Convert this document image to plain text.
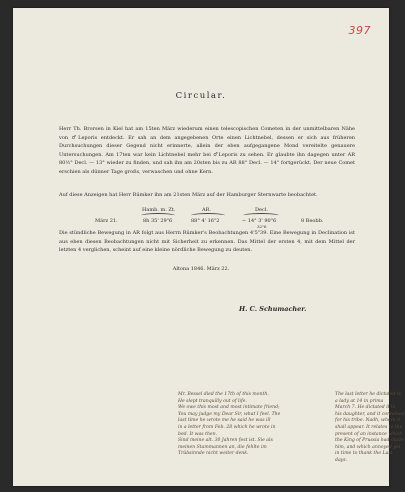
397
Circular.
Herr Th. Brorsen in Kiel hat am 15ten März wiederum einen telescopischen Cometen in der unmittelbaren Nähe von ♂Leporis entdeckt. Er sah an dem angegebenen Orte einen Lichtnebel, dessen er sich aus früheren Durchsuchungen dieser Gegend nicht erinnerte, allein der eben aufgegangene Mond vereitelte genauere Untersuchungen. Am 17ten war kein Lichtnebel mehr bei ♂Leporis zu sehen. Er glaubte ihn dagegen unter AR 80½° Decl. — 13° wieder zu finden, und sah ihn am 20sten bis zu AR 88° Decl. — 14° fortgerückt. Der neue Comet erschien als dünner Tage großs, verwaschen und ohne Kern.
Auf diese Anzeigen hat Herr Rümker ihn am 21sten März auf der Hamburger Sternwarte beobachtet.
Hamb. m. Zt.	AR.	Decl.
März 21.	8h 35' 29"6	88° 4' 16"2	− 14° 3' 90"6
32"6
8 Beobb.
Die stündliche Bewegung in AR folgt aus Herrn Rümker's Beobachtungen 4'5"39. Eine Bewegung in Declination ist aus eben diesen Beobachtungen nicht mit Sicherheit zu erkennen. Das Mittel der ersten 4, mit dem Mittel der letzten 4 verglichen, scheint auf eine kleine nördliche Bewegung zu deuten.
Altona 1846. März 22.
H. C. Schumacher.
Mr. Bessel died the 17th of this month.
He slept tranquilly out of life.
We owe this most and most intimate friend;
You may judge my Dear Sir, what I feel. The
last time he wrote me he said he was ill
in a letter from Feb. 28 which he wrote in
bed. It was then.
Sind meine alt. 30 Jahren fest ist. Sie als
meinen Stammannen an, die fehlte im
Trübsinnde nicht weiter denk.
The last letter he dictated to
a lady at 14 in prima
March 7. He dictated it to
his daughter, and it contained
for his tribe. Nadh, where it
shall appear. It relates to the
present of an instance which
the King of Prussia had made
him, and which annoyed yet
in time to thank the Last
days.
